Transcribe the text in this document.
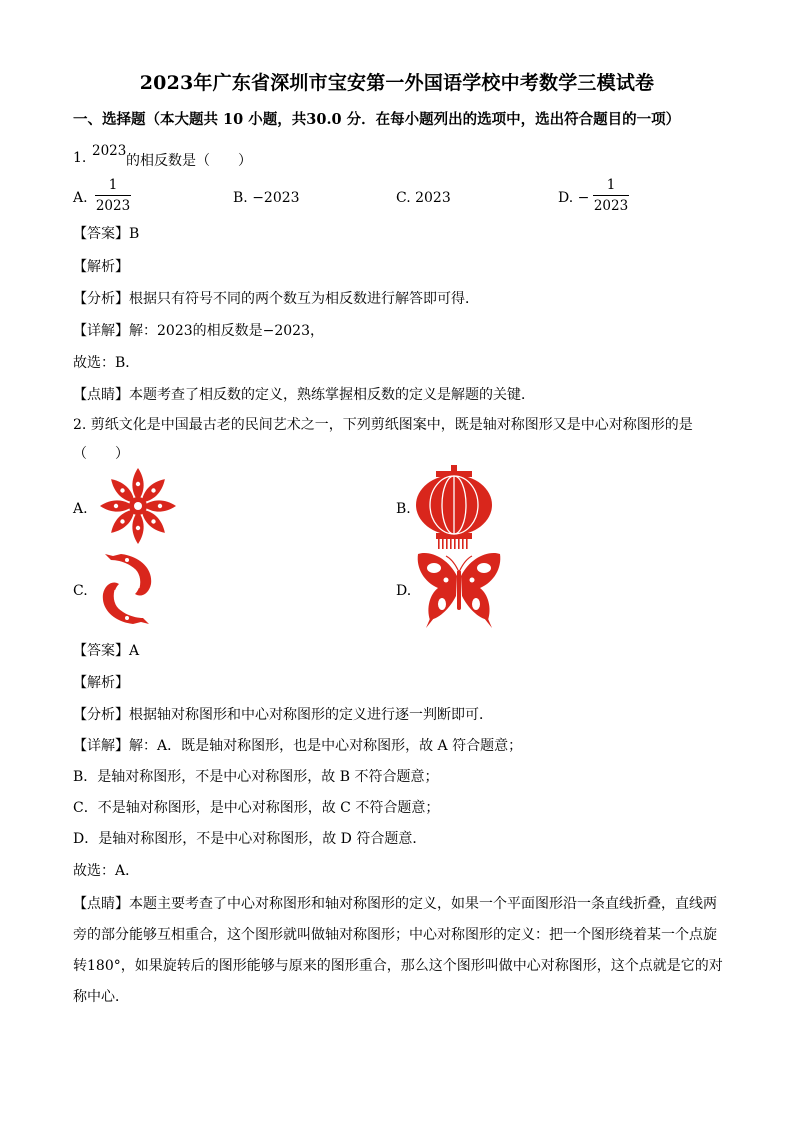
2023年广东省深圳市宝安第一外国语学校中考数学三模试卷
一、选择题（本大题共 10 小题，共30.0 分．在每小题列出的选项中，选出符合题目的一项）
1. 2023
的相反数是（　　）
A.
1
2023	B. −2023	C. 2023	D. −
1
2023
【答案】B
【解析】
【分析】根据只有符号不同的两个数互为相反数进行解答即可得．
【详解】解：2023的相反数是−2023，
故选：B．
【点睛】本题考查了相反数的定义，熟练掌握相反数的定义是解题的关键．
2. 剪纸文化是中国最古老的民间艺术之一，下列剪纸图案中，既是轴对称图形又是中心对称图形的是
（　　）
A.	B.
C.	D.
【答案】A
【解析】
【分析】根据轴对称图形和中心对称图形的定义进行逐一判断即可．
【详解】解：A．既是轴对称图形，也是中心对称图形，故 A 符合题意；
B．是轴对称图形，不是中心对称图形，故 B 不符合题意；
C．不是轴对称图形，是中心对称图形，故 C 不符合题意；
D．是轴对称图形，不是中心对称图形，故 D 符合题意．
故选：A．
【点睛】本题主要考查了中心对称图形和轴对称图形的定义，如果一个平面图形沿一条直线折叠，直线两
旁的部分能够互相重合，这个图形就叫做轴对称图形；中心对称图形的定义：把一个图形绕着某一个点旋
转180°，如果旋转后的图形能够与原来的图形重合，那么这个图形叫做中心对称图形，这个点就是它的对
称中心．
